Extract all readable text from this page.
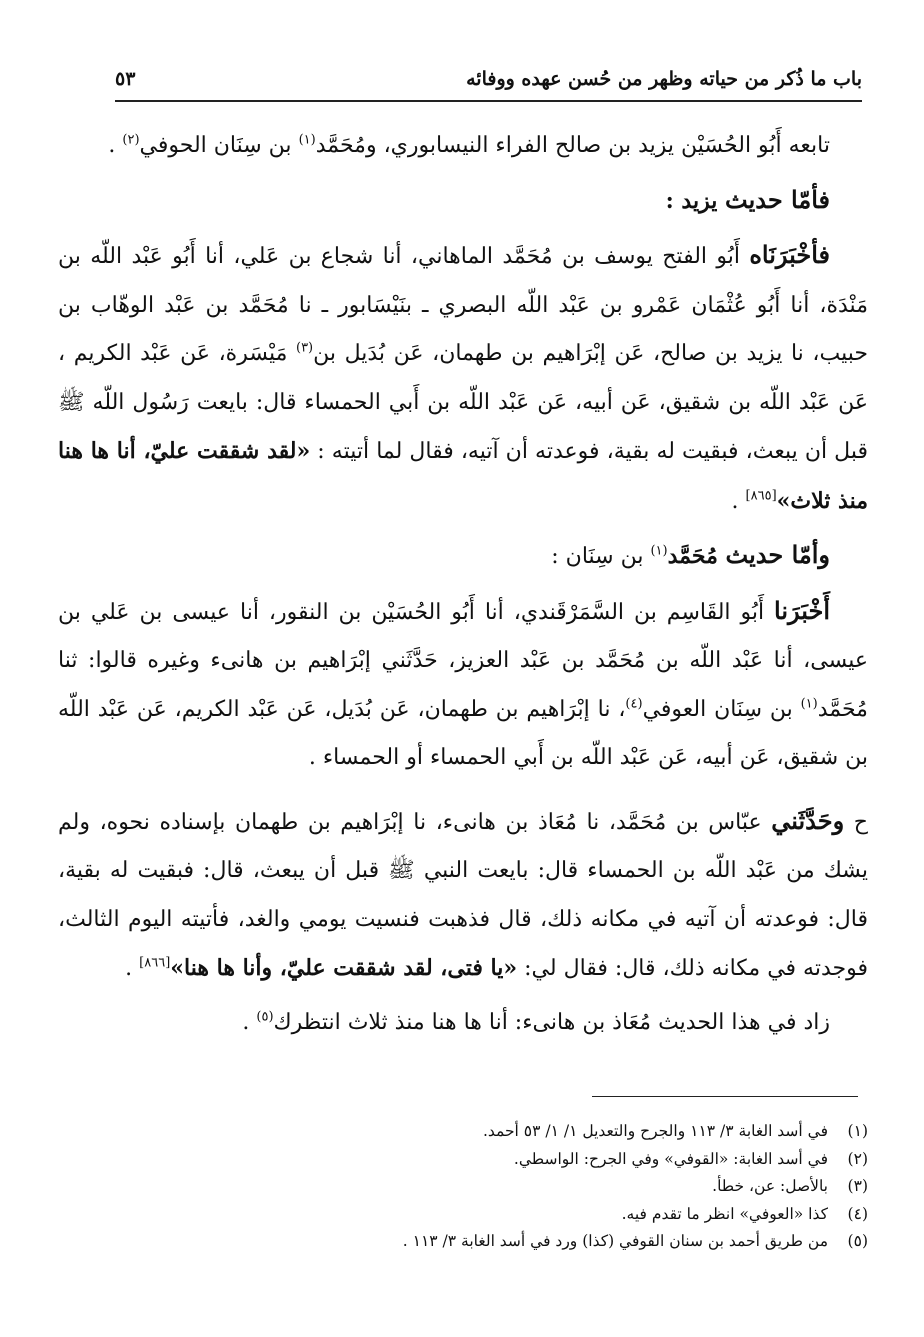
باب ما ذُكر من حياته وظهر من حُسن عهده ووفائه
٥٣

تابعه أَبُو الحُسَيْن يزيد بن صالح الفراء النيسابوري، ومُحَمَّد$^{(١)}$ بن سِنَان الحوفي$^{(٢)}$ .

فأمّا حديث يزيد :

فأخْبَرَنَاه أَبُو الفتح يوسف بن مُحَمَّد الماهاني، أنا شجاع بن عَلي، أنا أَبُو عَبْد اللّه بن مَنْدَة، أنا أَبُو عُثْمَان عَمْرو بن عَبْد اللّه البصري ـ بنَيْسَابور ـ نا مُحَمَّد بن عَبْد الوهّاب بن حبيب، نا يزيد بن صالح، عَن إبْرَاهيم بن طهمان، عَن بُدَيل بن$^{(٣)}$ مَيْسَرة، عَن عَبْد الكريم ، عَن عَبْد اللّه بن شقيق، عَن أبيه، عَن عَبْد اللّه بن أَبي الحمساء قال: بايعت رَسُول اللّه ﷺ قبل أن يبعث، فبقيت له بقية، فوعدته أن آتيه، فقال لما أتيته : «لقد شققت عليّ، أنا ها هنا منذ ثلاث»[٨٦٥] .

وأمّا حديث مُحَمَّد$^{(١)}$ بن سِنَان :

أَخْبَرَنا أَبُو القَاسِم بن السَّمَرْقَندي، أنا أَبُو الحُسَيْن بن النقور، أنا عيسى بن عَلي بن عيسى، أنا عَبْد اللّه بن مُحَمَّد بن عَبْد العزيز، حَدَّثَني إبْرَاهيم بن هانىء وغيره قالوا: ثنا مُحَمَّد$^{(١)}$ بن سِنَان العوفي$^{(٤)}$، نا إبْرَاهيم بن طهمان، عَن بُدَيل، عَن عَبْد الكريم، عَن عَبْد اللّه بن شقيق، عَن أبيه، عَن عَبْد اللّه بن أَبي الحمساء أو الحمساء .

ح وحَدَّثَني عبّاس بن مُحَمَّد، نا مُعَاذ بن هانىء، نا إبْرَاهيم بن طهمان بإسناده نحوه، ولم يشك من عَبْد اللّه بن الحمساء قال: بايعت النبي ﷺ قبل أن يبعث، قال: فبقيت له بقية، قال: فوعدته أن آتيه في مكانه ذلك، قال فذهبت فنسيت يومي والغد، فأتيته اليوم الثالث، فوجدته في مكانه ذلك، قال: فقال لي: «يا فتى، لقد شققت عليّ، وأنا ها هنا»[٨٦٦] .

زاد في هذا الحديث مُعَاذ بن هانىء: أنا ها هنا منذ ثلاث انتظرك$^{(٥)}$ .

(١)
في أسد الغابة ٣/ ١١٣ والجرح والتعديل ١/ ١/ ٥٣ أحمد.
(٢)
في أسد الغابة: «القوفي» وفي الجرح: الواسطي.
(٣)
بالأصل: عن، خطأ.
(٤)
كذا «العوفي» انظر ما تقدم فيه.
(٥)
من طريق أحمد بن سنان القوفي (كذا) ورد في أسد الغابة ٣/ ١١٣ .
